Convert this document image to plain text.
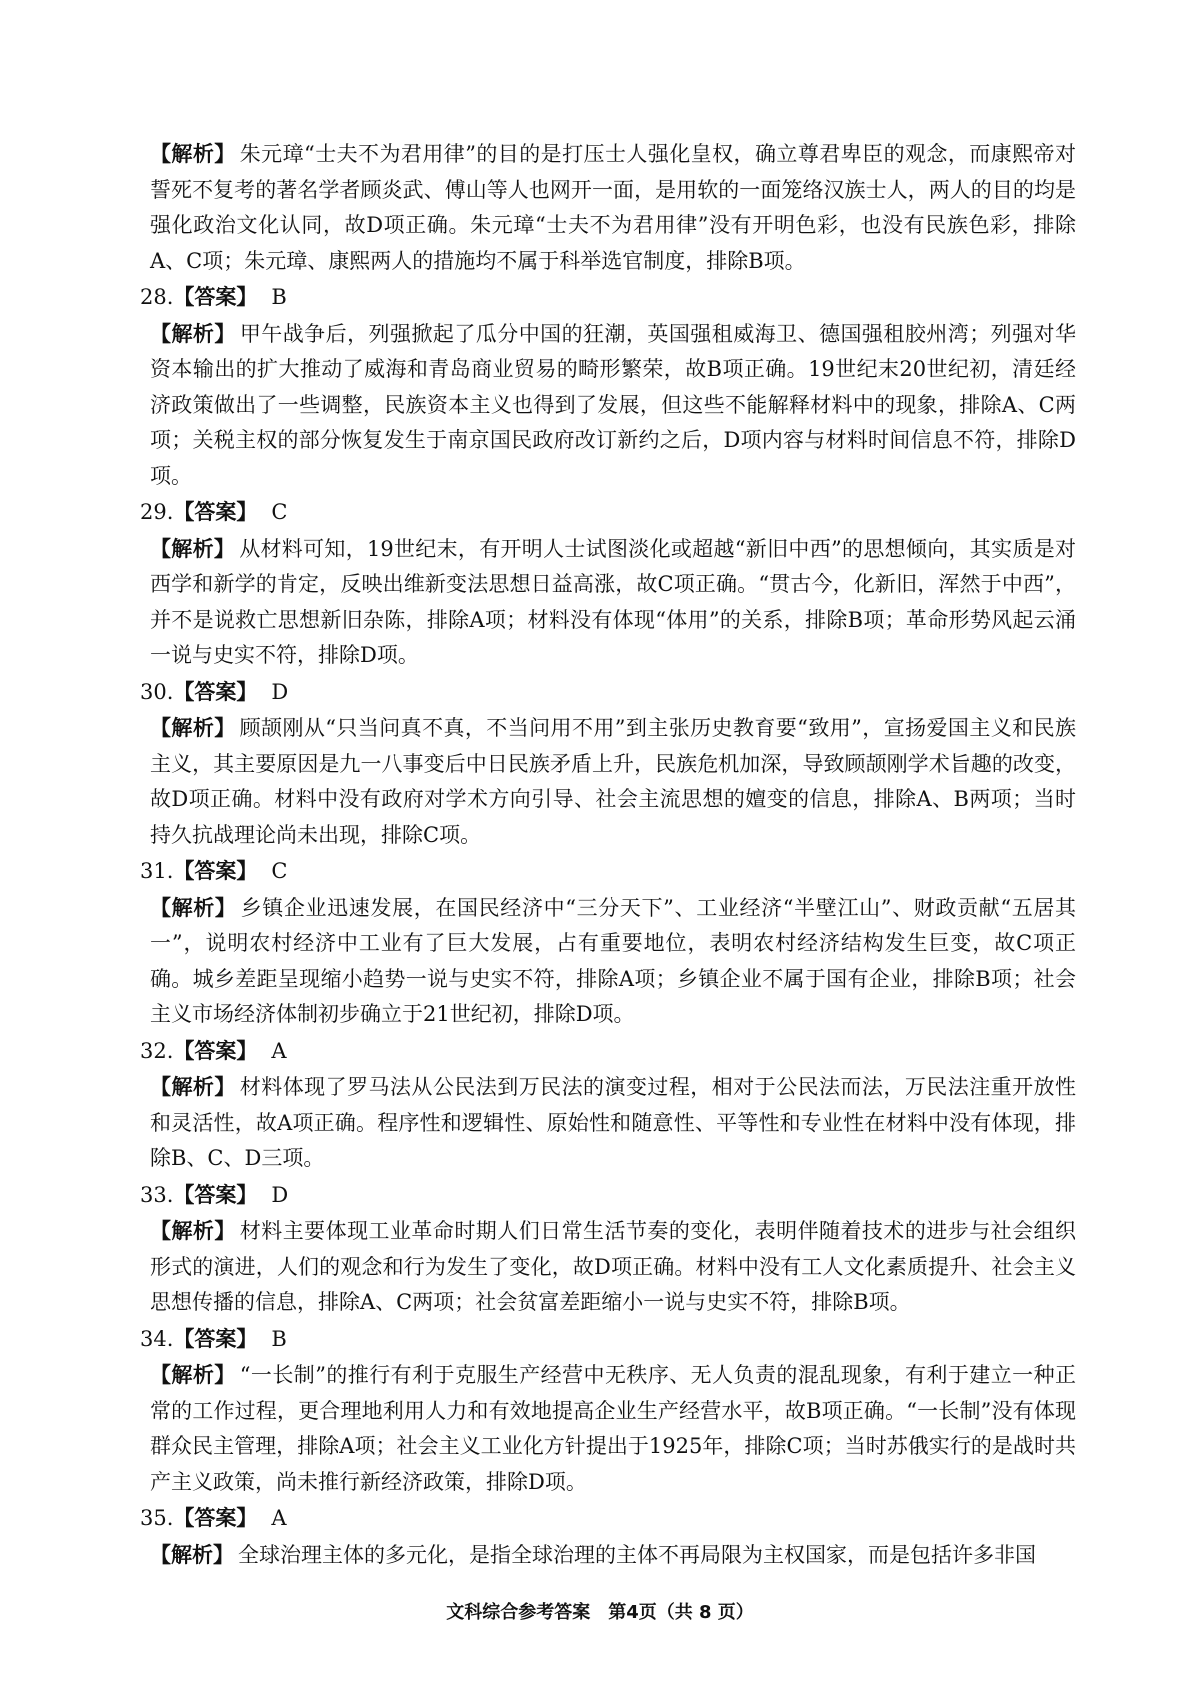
【解析】 朱元璋“士夫不为君用律”的目的是打压士人强化皇权，确立尊君卑臣的观念，而康熙帝对誓死不复考的著名学者顾炎武、傅山等人也网开一面，是用软的一面笼络汉族士人，两人的目的均是强化政治文化认同，故D项正确。朱元璋“士夫不为君用律”没有开明色彩，也没有民族色彩，排除A、C项；朱元璋、康熙两人的措施均不属于科举选官制度，排除B项。

28.【答案】 B

【解析】 甲午战争后，列强掀起了瓜分中国的狂潮，英国强租威海卫、德国强租胶州湾；列强对华资本输出的扩大推动了威海和青岛商业贸易的畸形繁荣，故B项正确。19世纪末20世纪初，清廷经济政策做出了一些调整，民族资本主义也得到了发展，但这些不能解释材料中的现象，排除A、C两项；关税主权的部分恢复发生于南京国民政府改订新约之后，D项内容与材料时间信息不符，排除D项。

29.【答案】 C

【解析】 从材料可知，19世纪末，有开明人士试图淡化或超越“新旧中西”的思想倾向，其实质是对西学和新学的肯定，反映出维新变法思想日益高涨，故C项正确。“贯古今，化新旧，浑然于中西”，并不是说救亡思想新旧杂陈，排除A项；材料没有体现“体用”的关系，排除B项；革命形势风起云涌一说与史实不符，排除D项。

30.【答案】 D

【解析】 顾颉刚从“只当问真不真，不当问用不用”到主张历史教育要“致用”，宣扬爱国主义和民族主义，其主要原因是九一八事变后中日民族矛盾上升，民族危机加深，导致顾颉刚学术旨趣的改变，故D项正确。材料中没有政府对学术方向引导、社会主流思想的嬗变的信息，排除A、B两项；当时持久抗战理论尚未出现，排除C项。

31.【答案】 C

【解析】 乡镇企业迅速发展，在国民经济中“三分天下”、工业经济“半壁江山”、财政贡献“五居其一”，说明农村经济中工业有了巨大发展，占有重要地位，表明农村经济结构发生巨变，故C项正确。城乡差距呈现缩小趋势一说与史实不符，排除A项；乡镇企业不属于国有企业，排除B项；社会主义市场经济体制初步确立于21世纪初，排除D项。

32.【答案】 A

【解析】 材料体现了罗马法从公民法到万民法的演变过程，相对于公民法而法，万民法注重开放性和灵活性，故A项正确。程序性和逻辑性、原始性和随意性、平等性和专业性在材料中没有体现，排除B、C、D三项。

33.【答案】 D

【解析】 材料主要体现工业革命时期人们日常生活节奏的变化，表明伴随着技术的进步与社会组织形式的演进，人们的观念和行为发生了变化，故D项正确。材料中没有工人文化素质提升、社会主义思想传播的信息，排除A、C两项；社会贫富差距缩小一说与史实不符，排除B项。

34.【答案】 B

【解析】 “一长制”的推行有利于克服生产经营中无秩序、无人负责的混乱现象，有利于建立一种正常的工作过程，更合理地利用人力和有效地提高企业生产经营水平，故B项正确。“一长制”没有体现群众民主管理，排除A项；社会主义工业化方针提出于1925年，排除C项；当时苏俄实行的是战时共产主义政策，尚未推行新经济政策，排除D项。

35.【答案】 A

【解析】 全球治理主体的多元化，是指全球治理的主体不再局限为主权国家，而是包括许多非国

文科综合参考答案　第4页（共 8 页）
